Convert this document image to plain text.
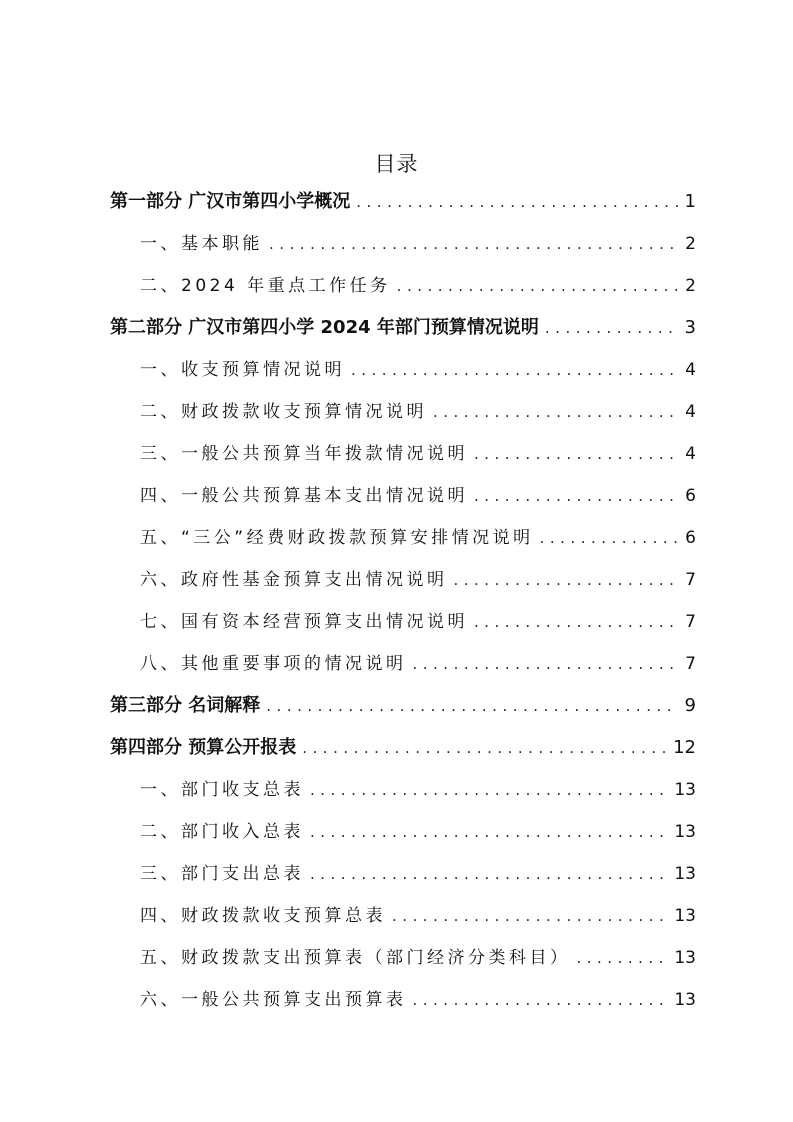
目录
第一部分 广汉市第四小学概况 .....	1
一、基本职能 .....	2
二、2024 年重点工作任务 .....	2
第二部分 广汉市第四小学 2024 年部门预算情况说明 .....	3
一、收支预算情况说明 .....	4
二、财政拨款收支预算情况说明 .....	4
三、一般公共预算当年拨款情况说明 .....	4
四、一般公共预算基本支出情况说明 .....	6
五、“三公”经费财政拨款预算安排情况说明 .....	6
六、政府性基金预算支出情况说明 .....	7
七、国有资本经营预算支出情况说明 .....	7
八、其他重要事项的情况说明 .....	7
第三部分 名词解释 .....	9
第四部分 预算公开报表 .....	12
一、部门收支总表 .....	13
二、部门收入总表 .....	13
三、部门支出总表 .....	13
四、财政拨款收支预算总表 .....	13
五、财政拨款支出预算表（部门经济分类科目） .....	13
六、一般公共预算支出预算表 .....	13
